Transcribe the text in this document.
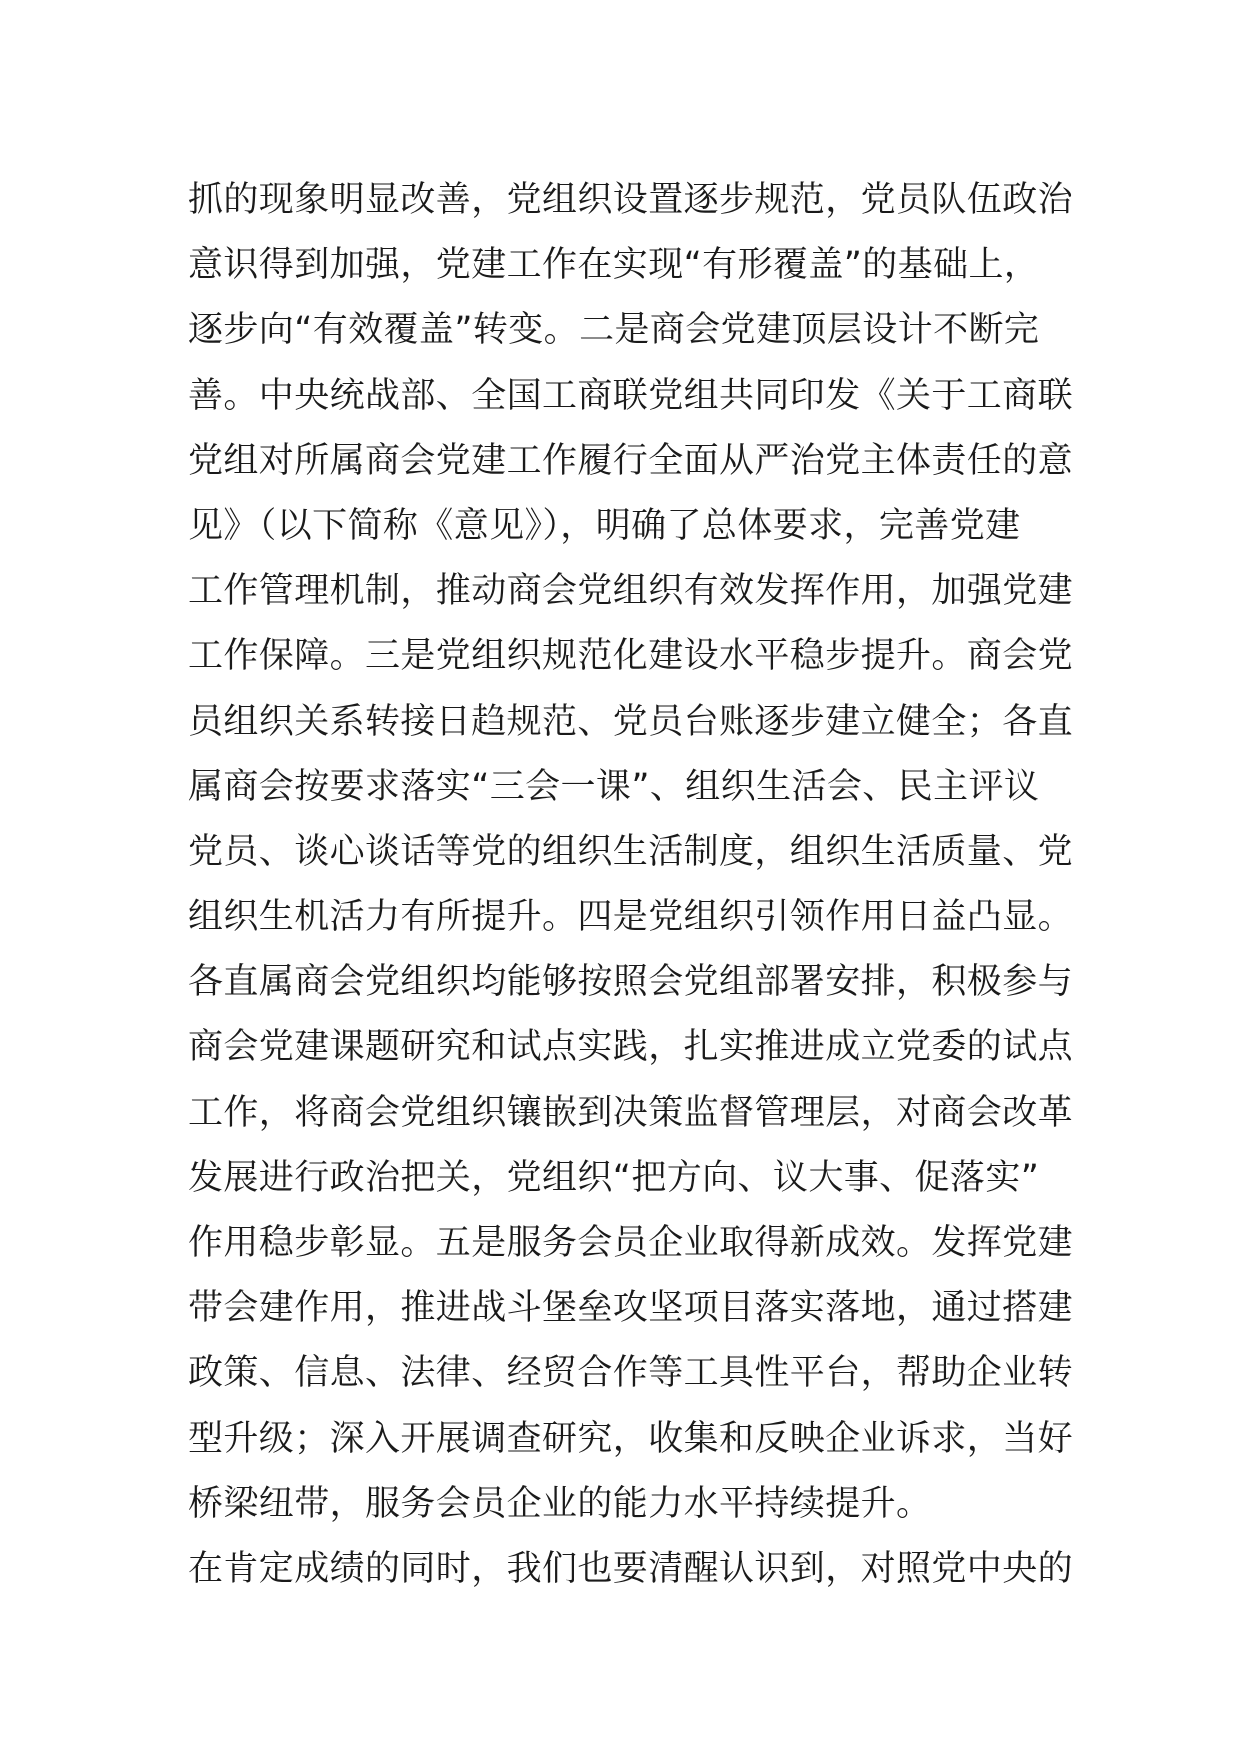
抓的现象明显改善，党组织设置逐步规范，党员队伍政治
意识得到加强，党建工作在实现“有形覆盖”的基础上，
逐步向“有效覆盖”转变。二是商会党建顶层设计不断完
善。中央统战部、全国工商联党组共同印发《关于工商联
党组对所属商会党建工作履行全面从严治党主体责任的意
见》（以下简称《意见》），明确了总体要求，完善党建
工作管理机制，推动商会党组织有效发挥作用，加强党建
工作保障。三是党组织规范化建设水平稳步提升。商会党
员组织关系转接日趋规范、党员台账逐步建立健全；各直
属商会按要求落实“三会一课”、组织生活会、民主评议
党员、谈心谈话等党的组织生活制度，组织生活质量、党
组织生机活力有所提升。四是党组织引领作用日益凸显。
各直属商会党组织均能够按照会党组部署安排，积极参与
商会党建课题研究和试点实践，扎实推进成立党委的试点
工作，将商会党组织镶嵌到决策监督管理层，对商会改革
发展进行政治把关，党组织“把方向、议大事、促落实”
作用稳步彰显。五是服务会员企业取得新成效。发挥党建
带会建作用，推进战斗堡垒攻坚项目落实落地，通过搭建
政策、信息、法律、经贸合作等工具性平台，帮助企业转
型升级；深入开展调查研究，收集和反映企业诉求，当好
桥梁纽带，服务会员企业的能力水平持续提升。
在肯定成绩的同时，我们也要清醒认识到，对照党中央的
